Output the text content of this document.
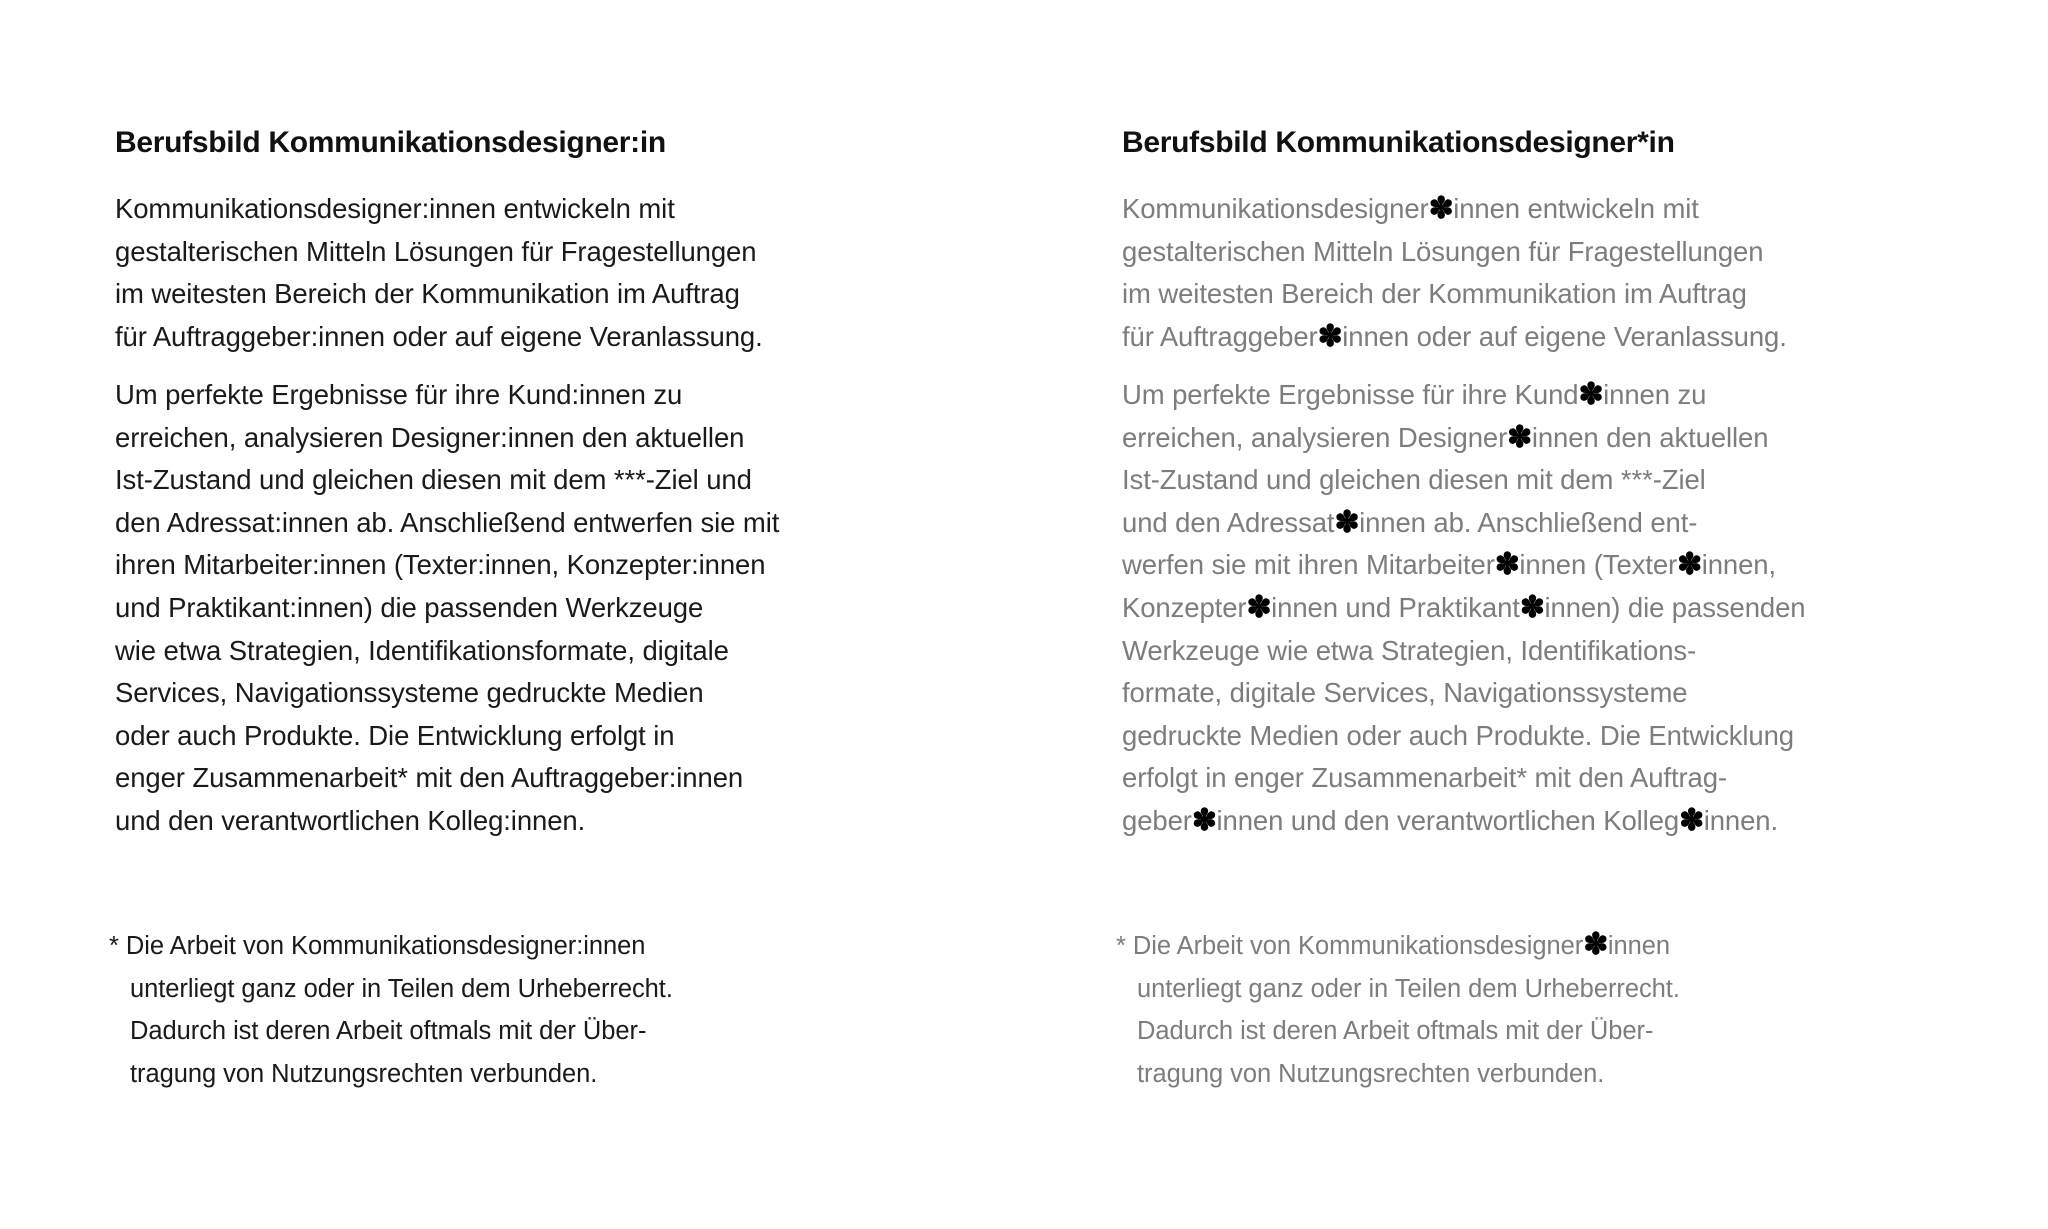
Berufsbild Kommunikationsdesigner:in
Kommunikationsdesigner:innen entwickeln mit
gestalterischen Mitteln Lösungen für Fragestellungen
im weitesten Bereich der Kommunikation im Auftrag
für Auftraggeber:innen oder auf eigene Veranlassung.
Um perfekte Ergebnisse für ihre Kund:innen zu
erreichen, analysieren Designer:innen den aktuellen
Ist-Zustand und gleichen diesen mit dem ***-Ziel und
den Adressat:innen ab. Anschließend entwerfen sie mit
ihren Mitarbeiter:innen (Texter:innen, Konzepter:innen
und Praktikant:innen) die passenden Werkzeuge
wie etwa Strategien, Identifikationsformate, digitale
Services, Navigationssysteme gedruckte Medien
oder auch Produkte. Die Entwicklung erfolgt in
enger Zusammenarbeit* mit den Auftraggeber:innen
und den verantwortlichen Kolleg:innen.
* Die Arbeit von Kommunikationsdesigner:innen
unterliegt ganz oder in Teilen dem Urheberrecht.
Dadurch ist deren Arbeit oftmals mit der Über-
tragung von Nutzungsrechten verbunden.
Berufsbild Kommunikationsdesigner*in
Kommunikationsdesigner✽innen entwickeln mit
gestalterischen Mitteln Lösungen für Fragestellungen
im weitesten Bereich der Kommunikation im Auftrag
für Auftraggeber✽innen oder auf eigene Veranlassung.
Um perfekte Ergebnisse für ihre Kund✽innen zu
erreichen, analysieren Designer✽innen den aktuellen
Ist-Zustand und gleichen diesen mit dem ***-Ziel
und den Adressat✽innen ab. Anschließend ent-
werfen sie mit ihren Mitarbeiter✽innen (Texter✽innen,
Konzepter✽innen und Praktikant✽innen) die passenden
Werkzeuge wie etwa Strategien, Identifikations-
formate, digitale Services, Navigationssysteme
gedruckte Medien oder auch Produkte. Die Entwicklung
erfolgt in enger Zusammenarbeit* mit den Auftrag-
geber✽innen und den verantwortlichen Kolleg✽innen.
* Die Arbeit von Kommunikationsdesigner✽innen
unterliegt ganz oder in Teilen dem Urheberrecht.
Dadurch ist deren Arbeit oftmals mit der Über-
tragung von Nutzungsrechten verbunden.
